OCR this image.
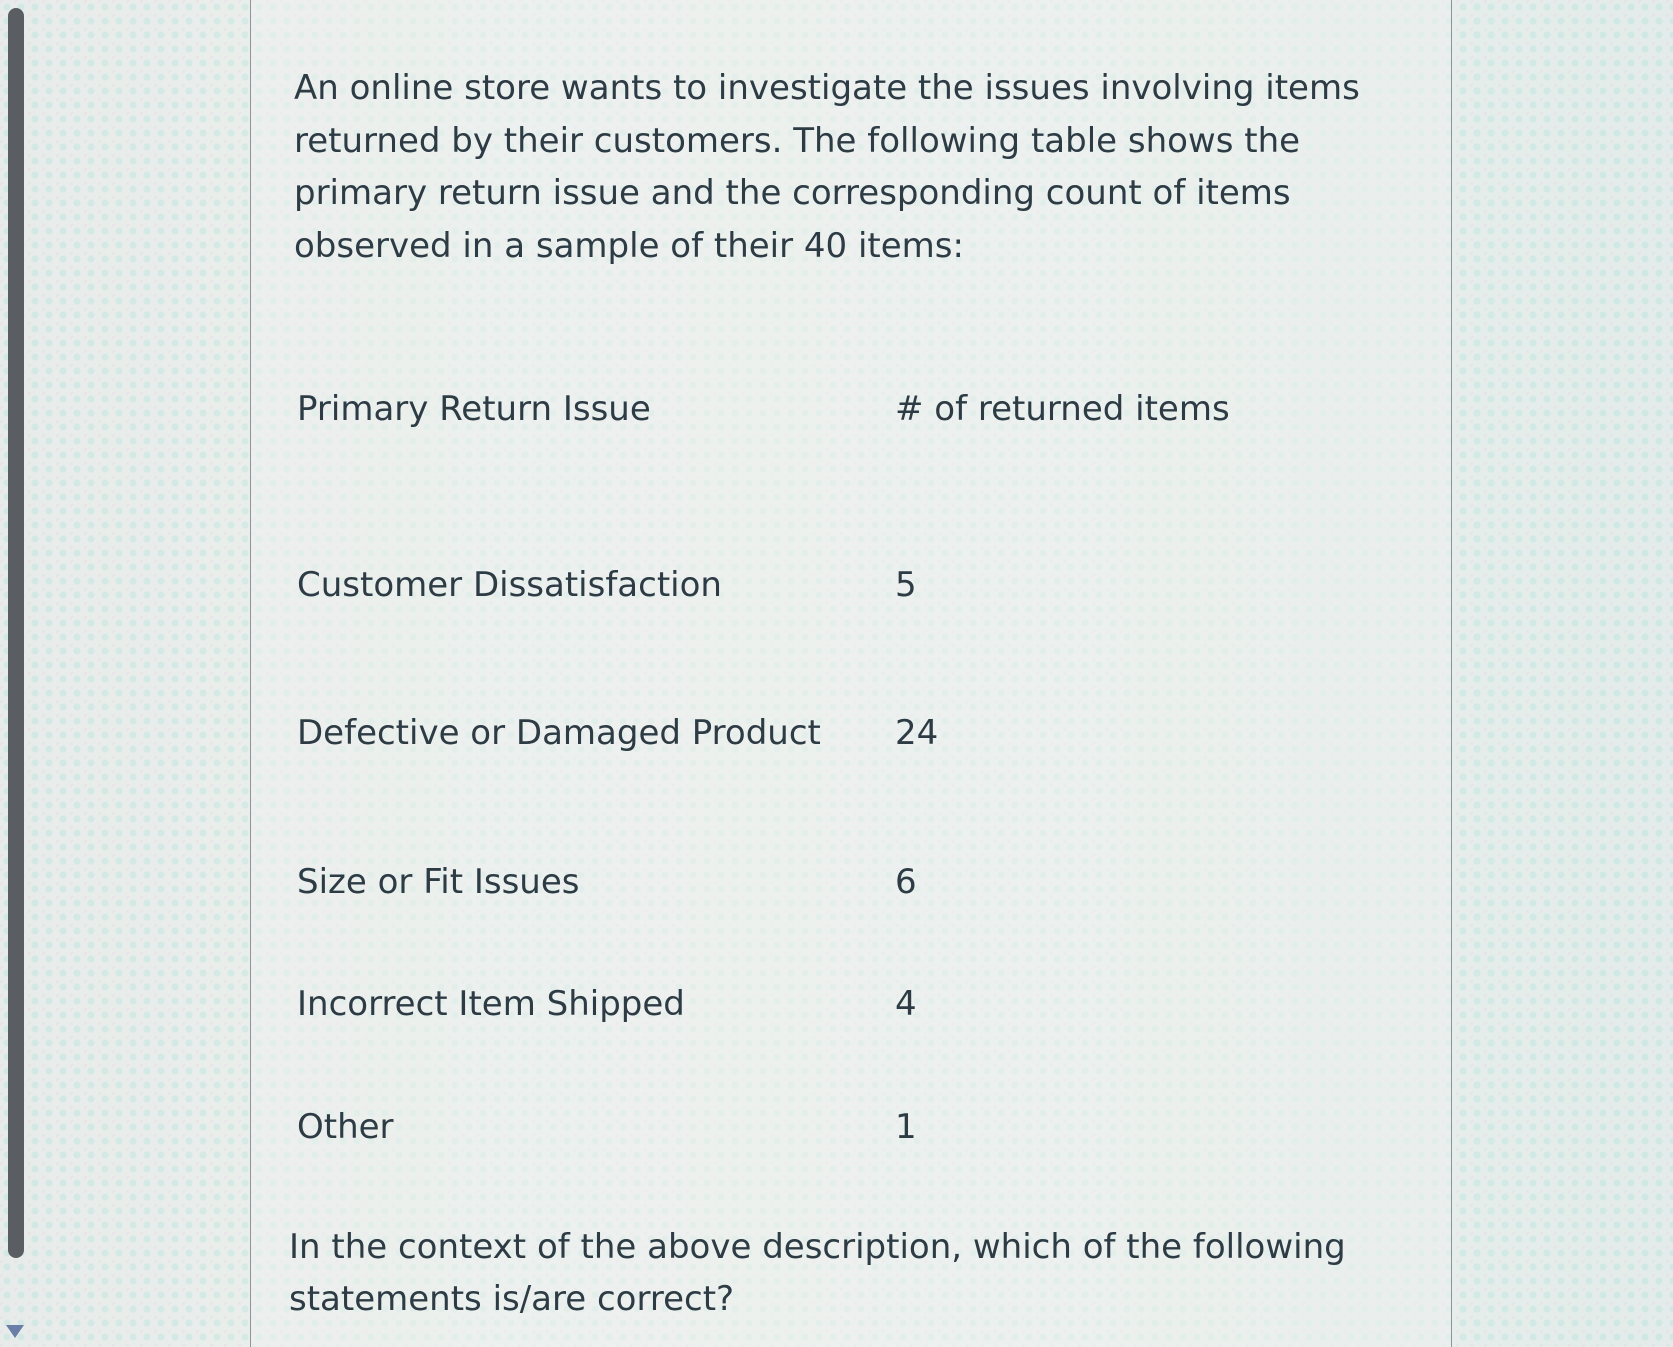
An online store wants to investigate the issues involving items returned by their customers. The following table shows the primary return issue and the corresponding count of items observed in a sample of their 40 items:

Primary Return Issue	# of returned items
Customer Dissatisfaction	5
Defective or Damaged Product 24
Size or Fit Issues	6
Incorrect Item Shipped	4
Other	1

In the context of the above description, which of the following statements is/are correct?
